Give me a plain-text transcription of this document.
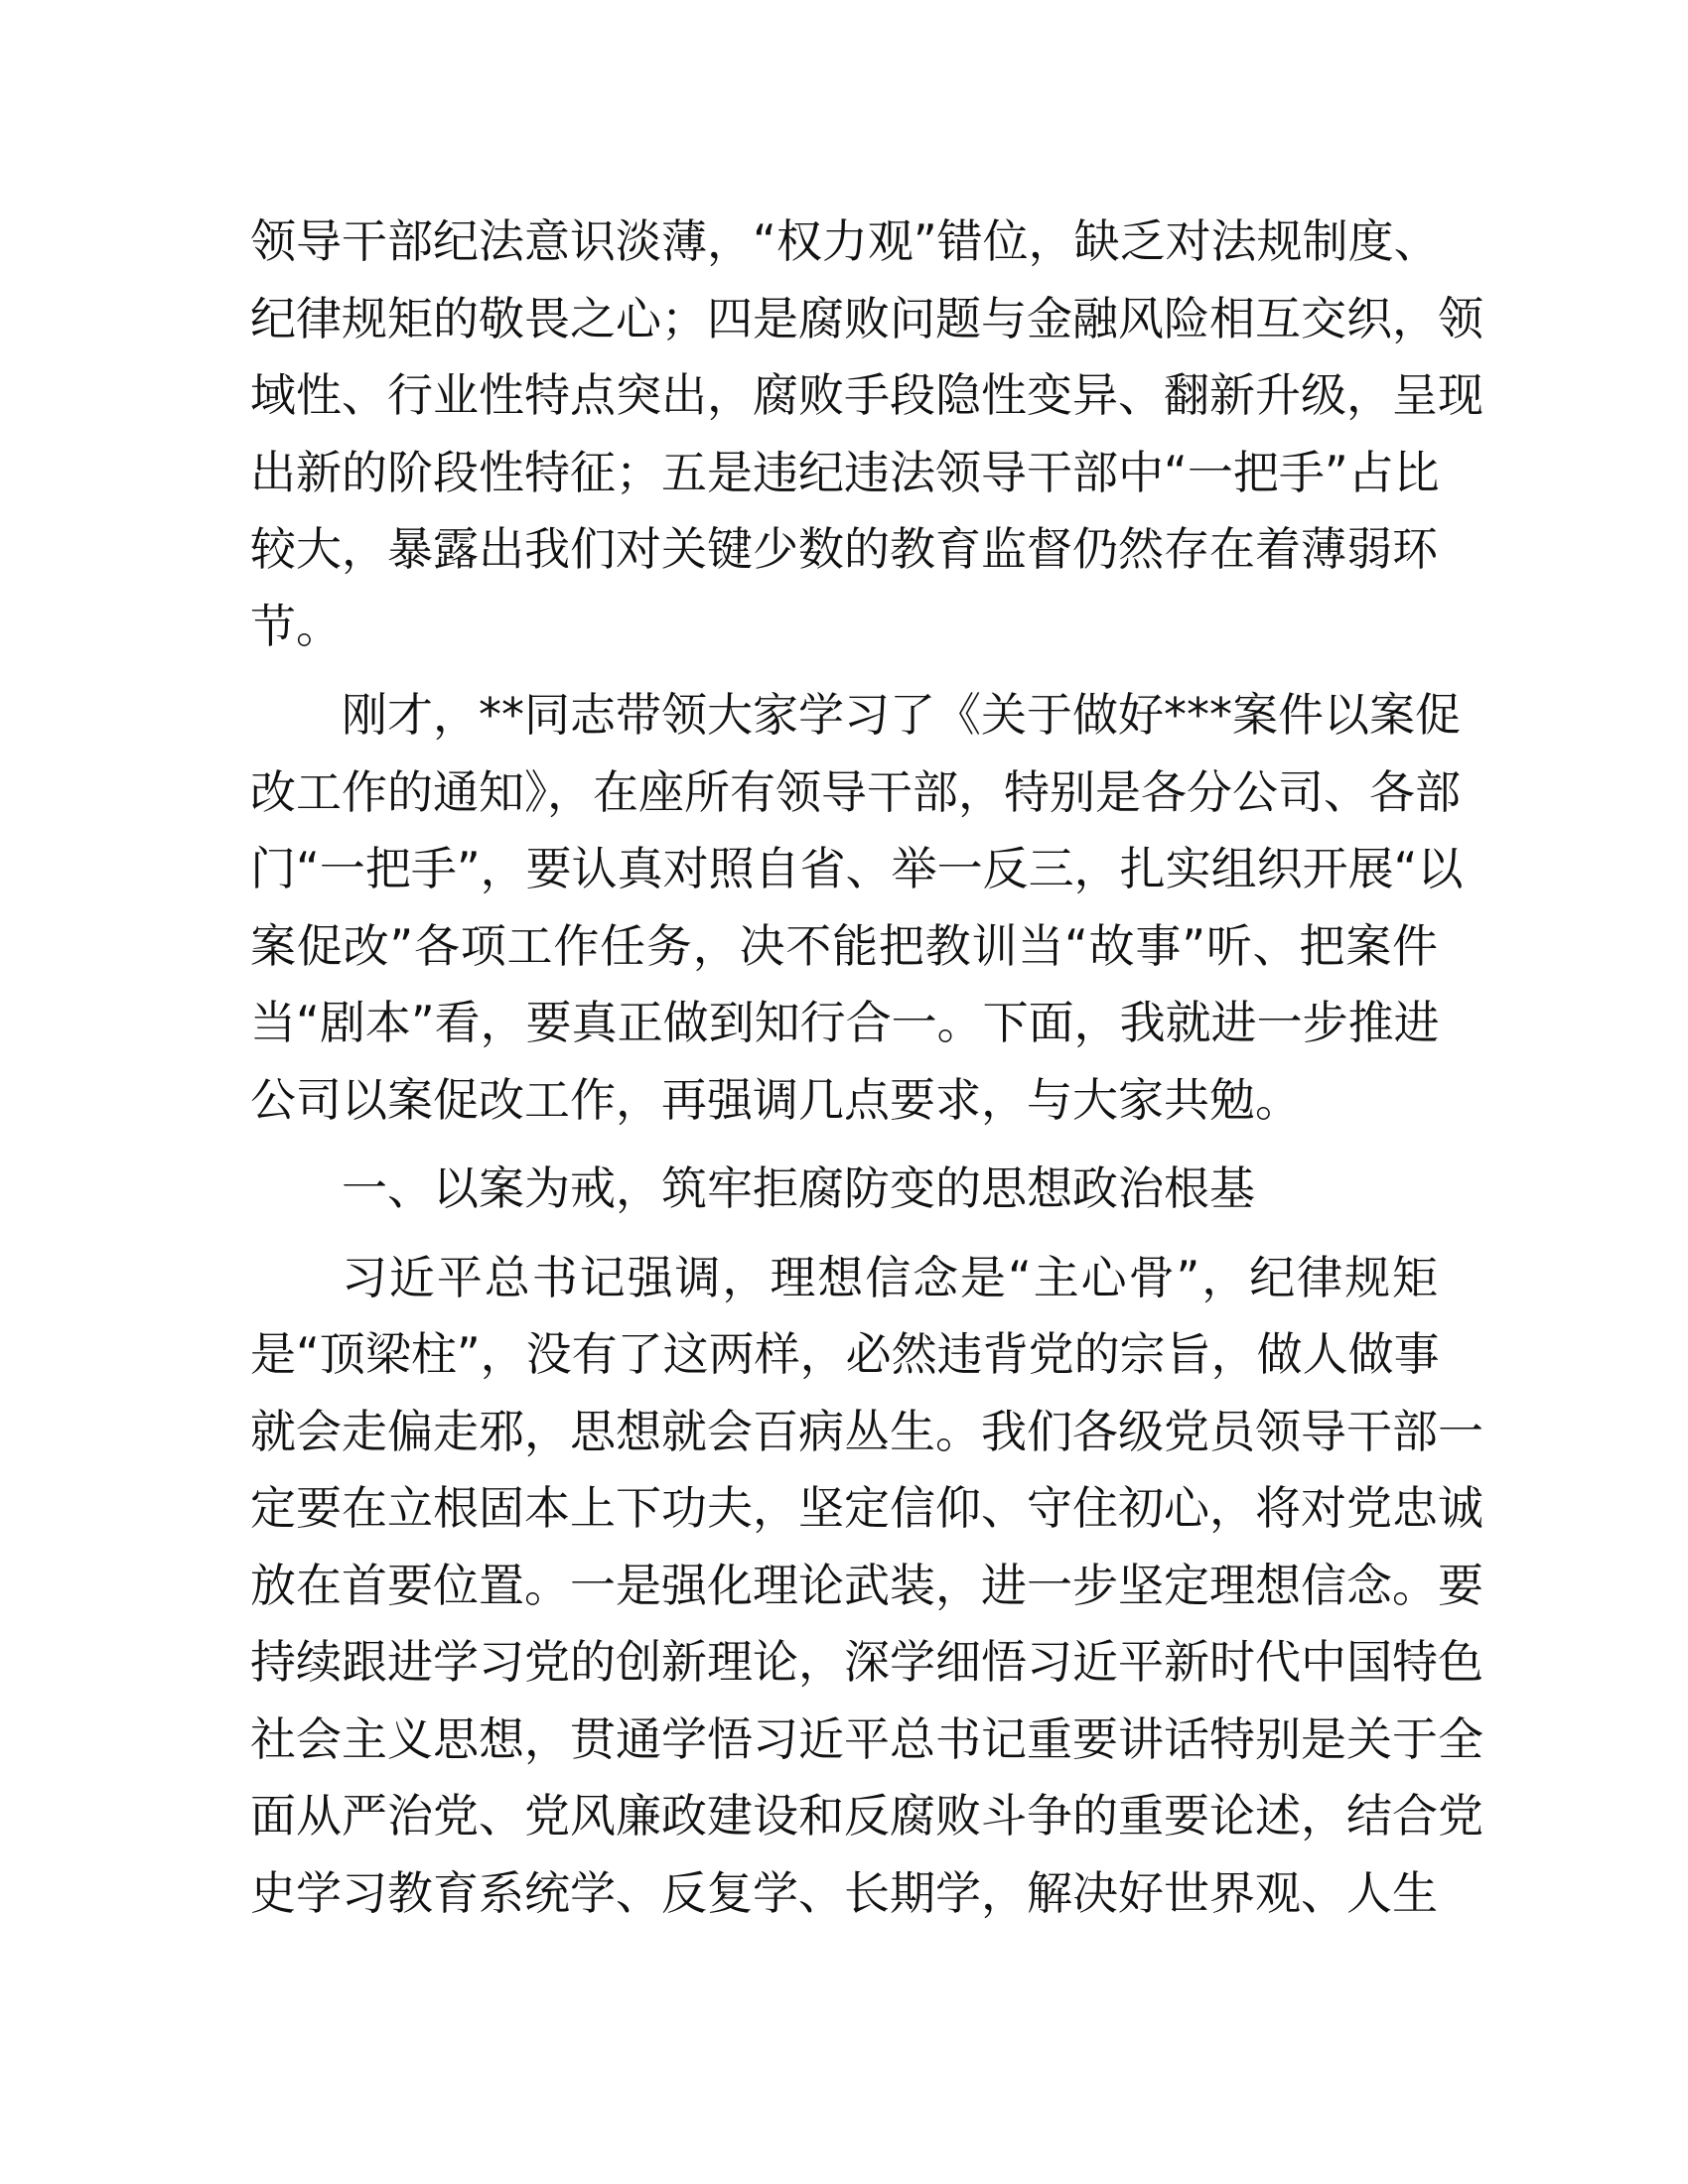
领导干部纪法意识淡薄，“权力观”错位，缺乏对法规制度、
纪律规矩的敬畏之心；四是腐败问题与金融风险相互交织，领
域性、行业性特点突出，腐败手段隐性变异、翻新升级，呈现
出新的阶段性特征；五是违纪违法领导干部中“一把手”占比
较大，暴露出我们对关键少数的教育监督仍然存在着薄弱环
节。
刚才，**同志带领大家学习了《关于做好***案件以案促
改工作的通知》，在座所有领导干部，特别是各分公司、各部
门“一把手”，要认真对照自省、举一反三，扎实组织开展“以
案促改”各项工作任务，决不能把教训当“故事”听、把案件
当“剧本”看，要真正做到知行合一。下面，我就进一步推进
公司以案促改工作，再强调几点要求，与大家共勉。
一、以案为戒，筑牢拒腐防变的思想政治根基
习近平总书记强调，理想信念是“主心骨”，纪律规矩
是“顶梁柱”，没有了这两样，必然违背党的宗旨，做人做事
就会走偏走邪，思想就会百病丛生。我们各级党员领导干部一
定要在立根固本上下功夫，坚定信仰、守住初心，将对党忠诚
放在首要位置。一是强化理论武装，进一步坚定理想信念。要
持续跟进学习党的创新理论，深学细悟习近平新时代中国特色
社会主义思想，贯通学悟习近平总书记重要讲话特别是关于全
面从严治党、党风廉政建设和反腐败斗争的重要论述，结合党
史学习教育系统学、反复学、长期学，解决好世界观、人生
